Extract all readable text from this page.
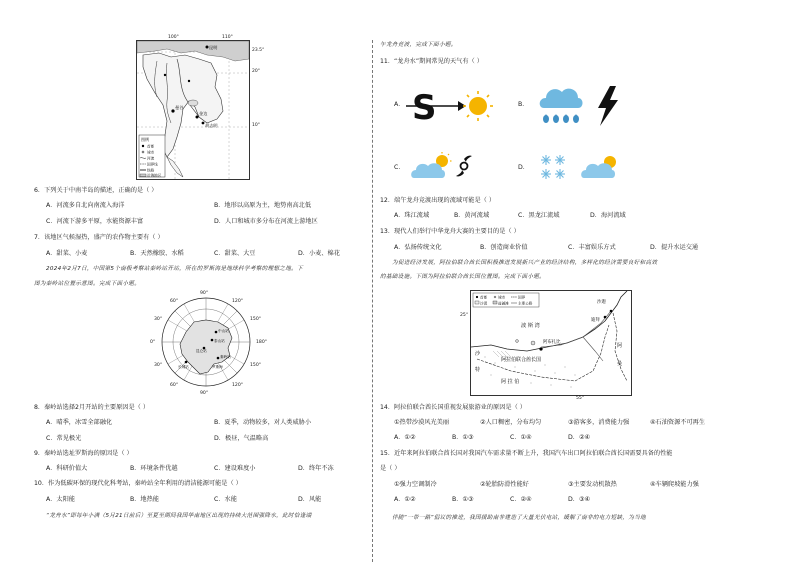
昆明
曼谷
金边
胡志明
图例
首都
城市
河流
国界线
铁路
沿海地区
23.5°
20°
10°
100°	110°
6．下列关于中南半岛的描述，正确的是（ ）
A．河流多自北向南流入海洋	B．地形以高原为主，地势南高北低
C．河流下游多平原，水能资源丰富	D．人口和城市多分布在河流上游地区
7．该地区气候湿热，盛产的农作物主要有（ ）
A．甜菜、小麦	B．天然橡胶、水稻	C．甜菜、大豆	D．小麦、棉花
2024年2月7日，中国第5个南极考察站秦岭站开站，所在的罗斯海是地球科学考察的理想之地。下
图为秦岭站位置示意图。完成下面小题。
中山站
泰山站
昆仑站
长城站
秦岭站
罗斯海
90°
60°	120°
30°	150°
0°	180°
30°	150°
60°	120°
90°
8．秦岭站选择2月开站的主要原因是（ ）
A．晴季，冰雪全部融化	B．夏季，动物较多，对人类威胁小
C．常见极光	D．极昼，气温略高
9．秦岭站选址罗斯海的原因是（ ）
A．科研价值大	B．环境条件优越	C．建设难度小	D．终年不冻
10．作为低碳环保的现代化科考站，秦岭站全年利用的清洁能源可能是（ ）
A．太阳能	B．地热能	C．水能	D．风能
“龙舟水”即每年小满（5月21日前后）至夏至期间我国华南地区出现的持续大范围强降水，此时恰逢端
午龙舟竞渡，完成下面小题。
11．“龙舟水”期间常见的天气有（ ）
A． S	B．
C．	D．
12．端午龙舟竞渡出现的流域可能是（ ）
A．珠江流域	B．黄河流域	C．黑龙江流域	D．海河流域
13．现代人们举行中华龙舟大赛的主要目的是（ ）
A．弘扬传统文化	B．创造商业价值	C．丰富娱乐方式	D．提升水运交通
为促进经济发展，阿拉伯联合酋长国积极推进发展新兴产业的经济结构，多样化的经济需要良好和高效
的基础设施。下图为阿拉伯联合酋长国位置图。完成下面小题。
首都	城市	国界
沙漠	盐碱滩	主要公路	沙迦
迪拜
波 斯 湾
阿布扎比
阿拉伯联合酋长国
阿
曼
沙
特
阿 拉 伯
25°
55°
14．阿拉伯联合酋长国重视发展旅游业的原因是（ ）
①热带沙漠风光美丽	②人口稠密，分布均匀	③游客多，消费能力强	④石油资源不可再生
A．①②	B．①③	C．①④	D．②④
15．近年来阿拉伯联合酋长国对我国汽车需求量不断上升，我国汽车出口阿拉伯联合酋长国需要具备的性能
是（ ）
①强力空调制冷	②轮胎防滑性能好	③主要发动机散热	④车辆爬坡能力强
A．①②	B．①③	C．②④	D．③④
伴随“一带一路”倡议的推进，我国援助南非建造了大量光伏电站，缓解了南非的电力短缺，为当地
